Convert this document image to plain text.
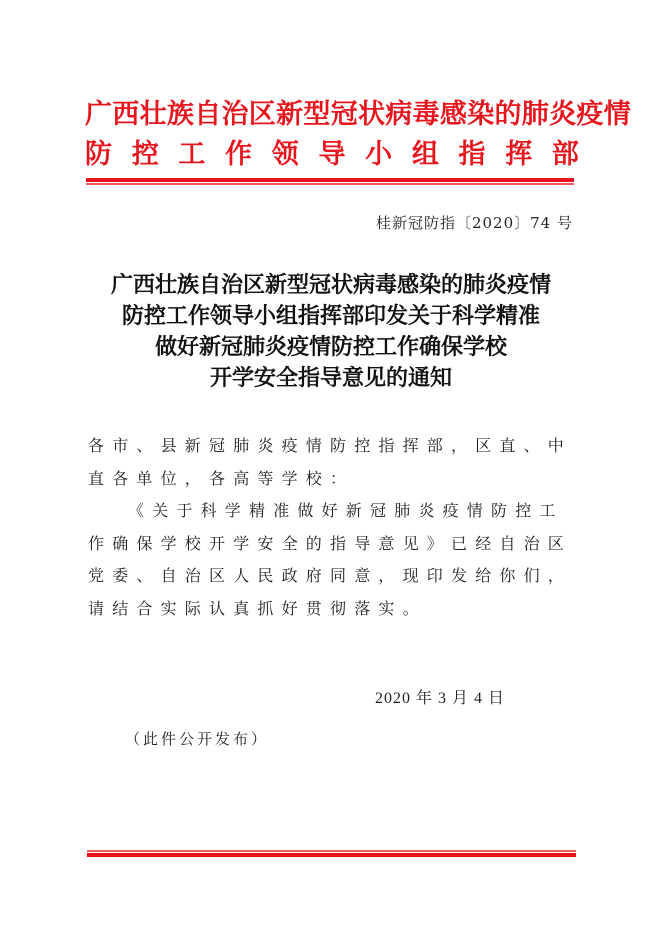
广西壮族自治区新型冠状病毒感染的肺炎疫情
防 控 工 作 领 导 小 组 指 挥 部
桂新冠防指〔2020〕74 号
广西壮族自治区新型冠状病毒感染的肺炎疫情
防控工作领导小组指挥部印发关于科学精准
做好新冠肺炎疫情防控工作确保学校
开学安全指导意见的通知

各市、县新冠肺炎疫情防控指挥部，区直、中直各单位，各高等学校：

《关于科学精准做好新冠肺炎疫情防控工作确保学校开学安全的指导意见》已经自治区党委、自治区人民政府同意，现印发给你们，请结合实际认真抓好贯彻落实。

2020 年 3 月 4 日
（此件公开发布）
